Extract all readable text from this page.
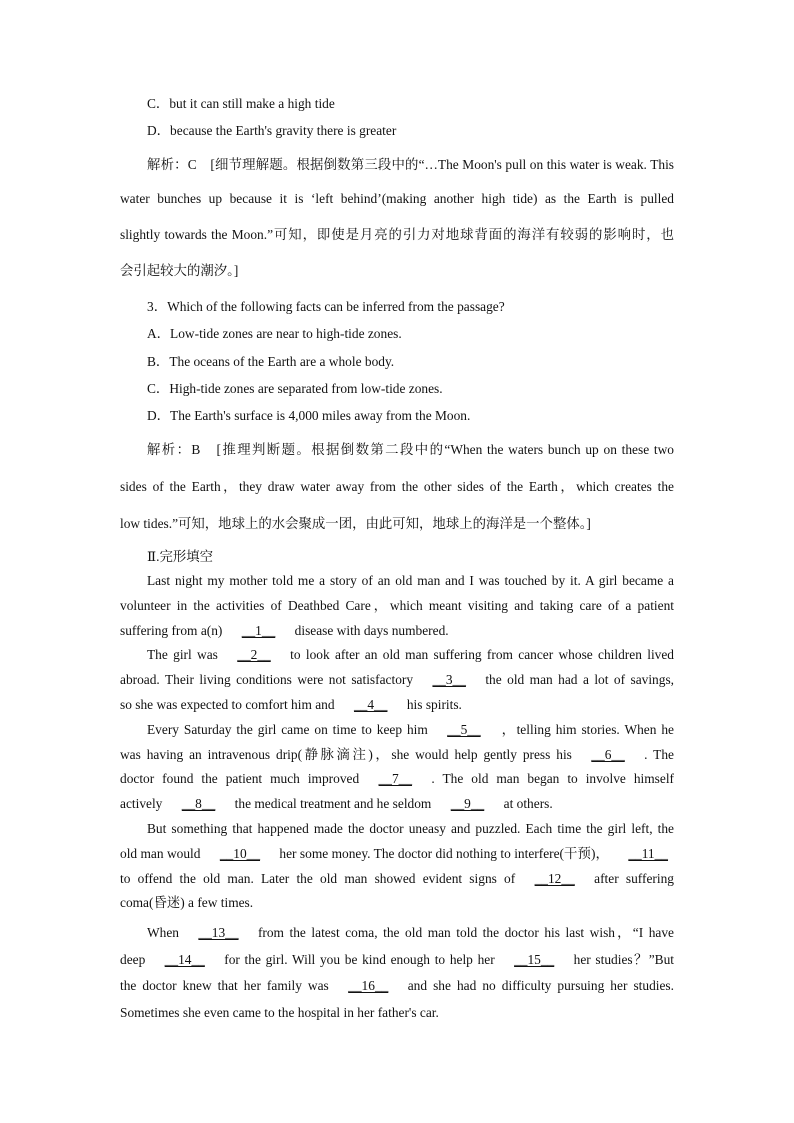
C．but it can still make a high tide
D．because the Earth's gravity there is greater
解析：C　[细节理解题。根据倒数第三段中的“…The Moon's pull on this water is weak. This
water bunches up because it is ‘left behind’(making another high tide) as the Earth is pulled
slightly towards the Moon.”可知，即使是月亮的引力对地球背面的海洋有较弱的影响时，也
会引起较大的潮汐。]
3．Which of the following facts can be inferred from the passage?
A．Low-tide zones are near to high-tide zones.
B．The oceans of the Earth are a whole body.
C．High-tide zones are separated from low-tide zones.
D．The Earth's surface is 4,000 miles away from the Moon.
解析：B　[推理判断题。根据倒数第二段中的“When the waters bunch up on these two
sides of the Earth，they draw water away from the other sides of the Earth，which creates the
low tides.”可知，地球上的水会聚成一团，由此可知，地球上的海洋是一个整体。]
Ⅱ.完形填空
Last night my mother told me a story of an old man and I was touched by it. A girl became a
volunteer in the activities of Deathbed Care，which meant visiting and taking care of a patient
suffering from a(n)  __1__  disease with days numbered.
The girl was  __2__  to look after an old man suffering from cancer whose children lived
abroad. Their living conditions were not satisfactory  __3__  the old man had a lot of savings,
so she was expected to comfort him and  __4__  his spirits.
Every Saturday the girl came on time to keep him  __5__  ，telling him stories. When he
was having an intravenous drip(静脉滴注)，she would help gently press his  __6__  . The
doctor found the patient much improved  __7__  . The old man began to involve himself
actively  __8__  the medical treatment and he seldom  __9__  at others.
But something that happened made the doctor uneasy and puzzled. Each time the girl left, the
old man would  __10__  her some money. The doctor did nothing to interfere(干预)，  __11__
to offend the old man. Later the old man showed evident signs of  __12__  after suffering
coma(昏迷) a few times.
When  __13__  from the latest coma, the old man told the doctor his last wish，“I have
deep  __14__  for the girl. Will you be kind enough to help her  __15__  her studies？”But
the doctor knew that her family was  __16__  and she had no difficulty pursuing her studies.
Sometimes she even came to the hospital in her father's car.
